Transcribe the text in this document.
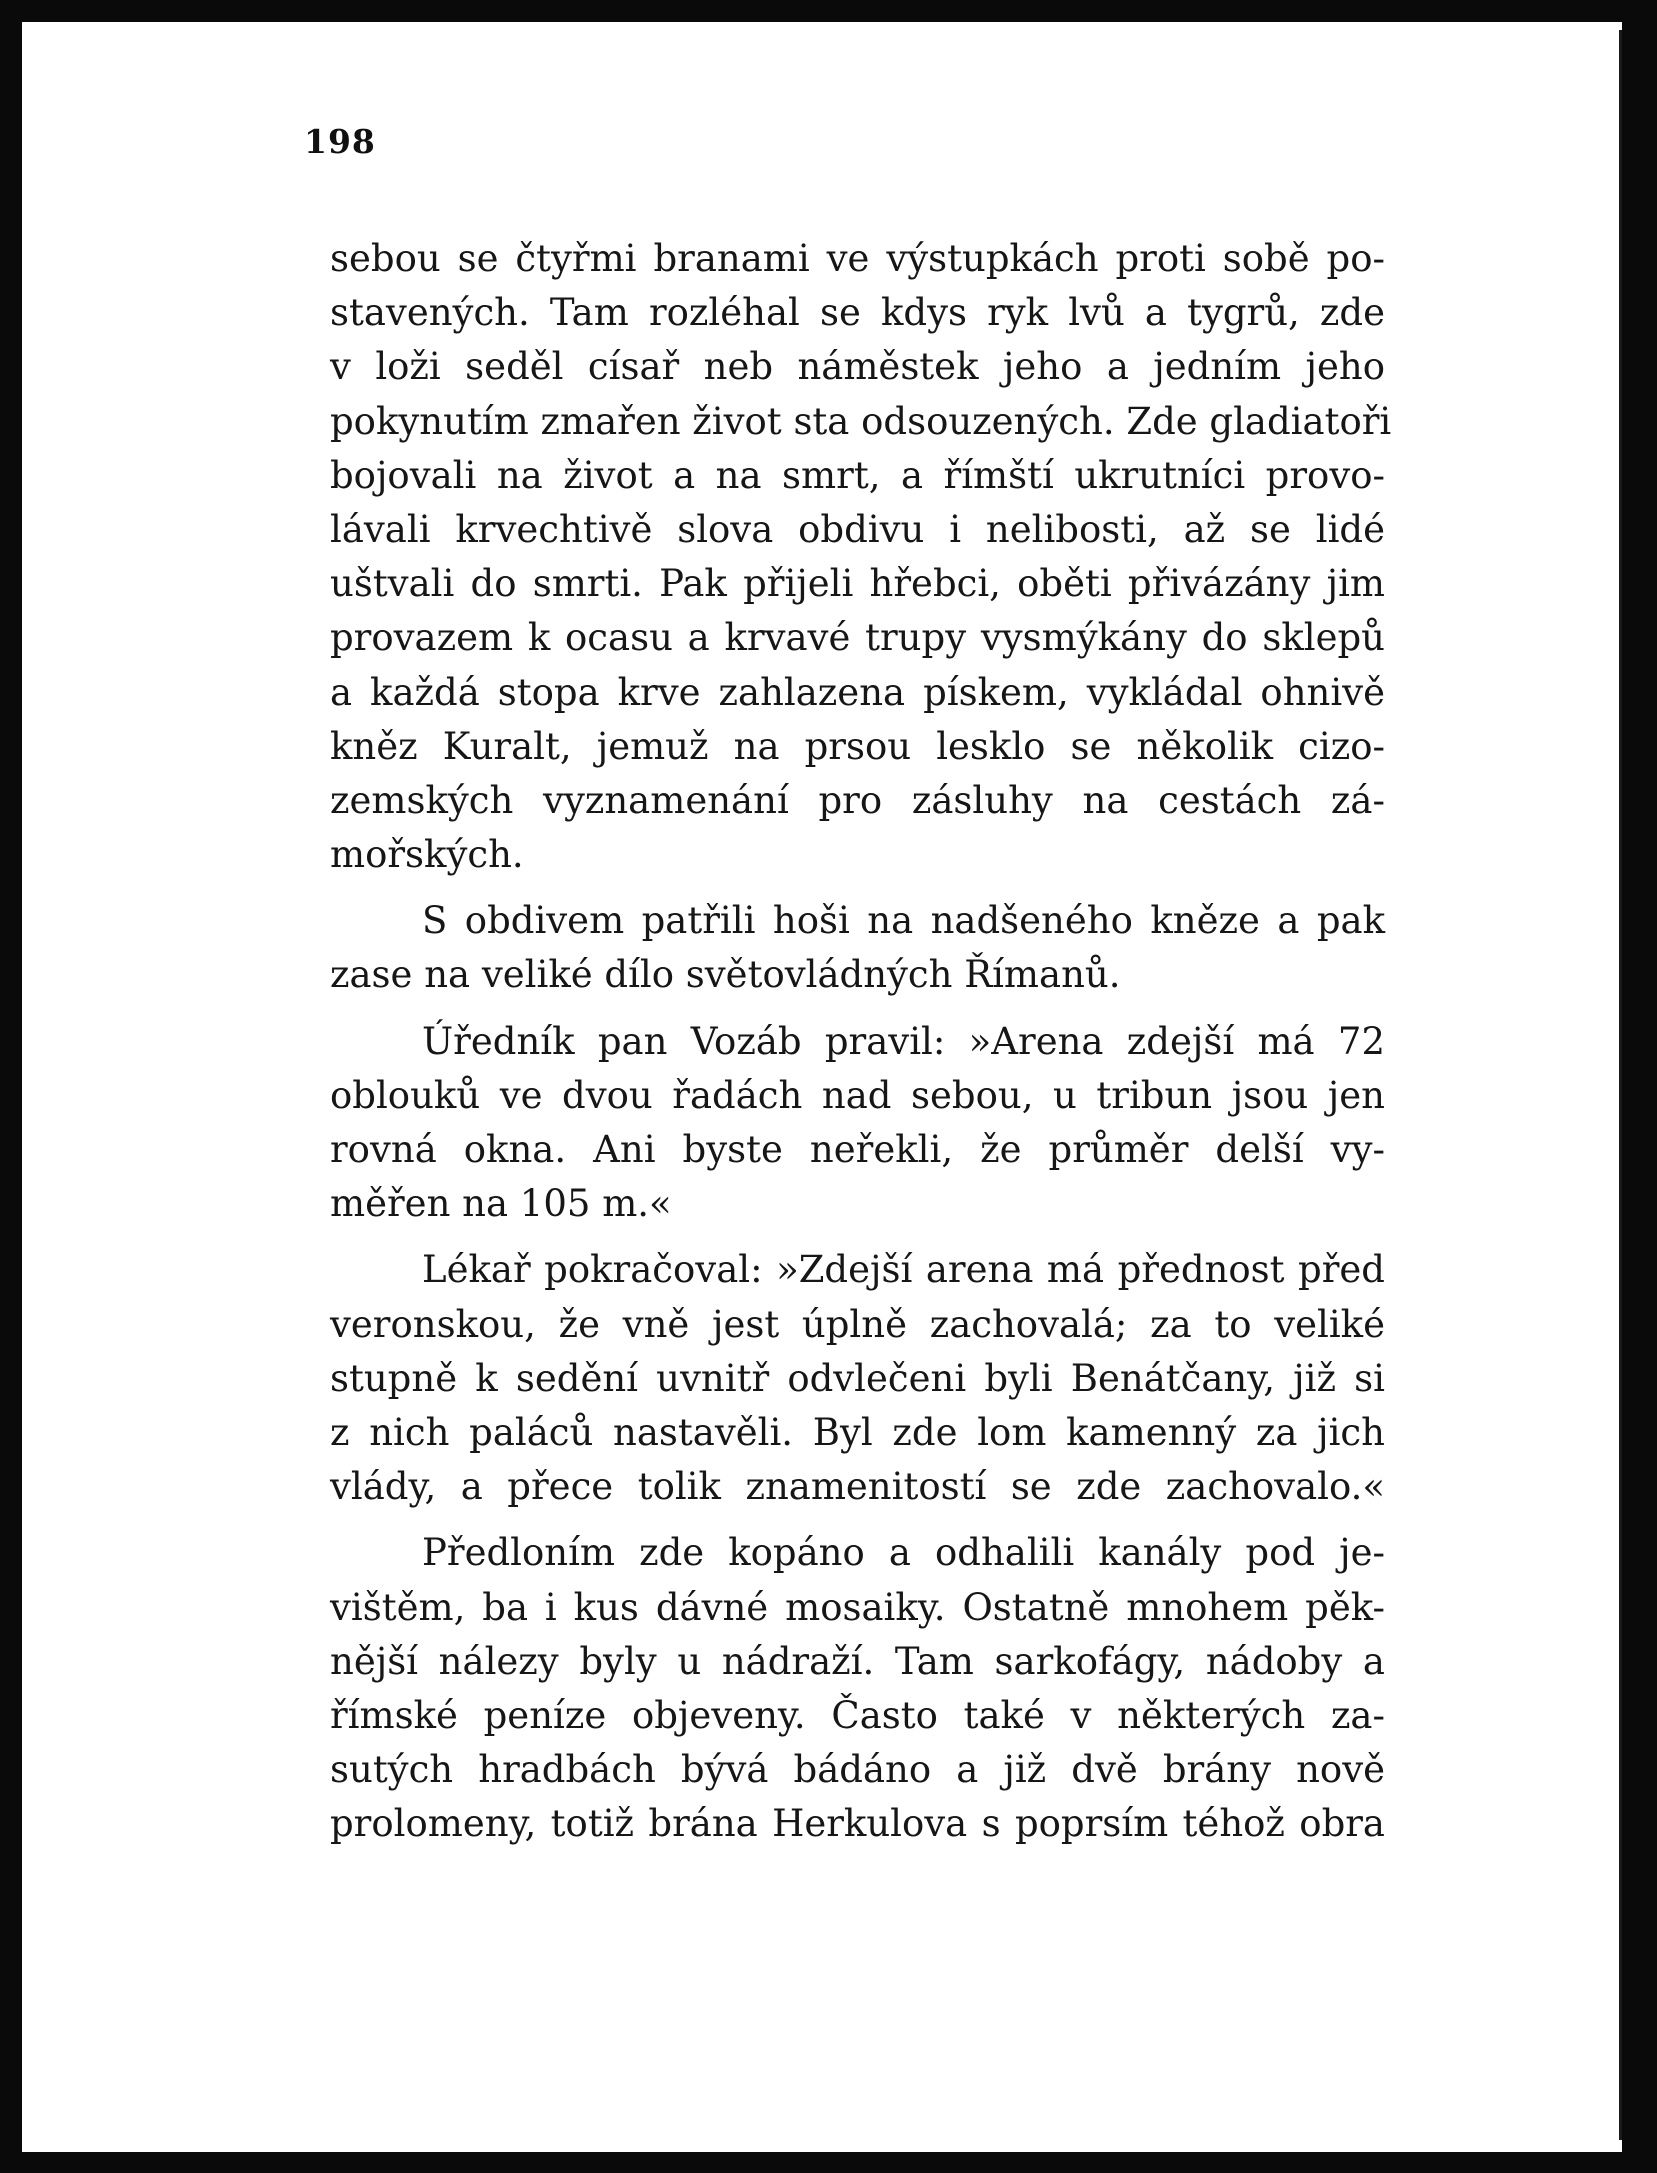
198

sebou se čtyřmi branami ve výstupkách proti sobě po-
stavených. Tam rozléhal se kdys ryk lvů a tygrů, zde
v loži seděl císař neb náměstek jeho a jedním jeho
pokynutím zmařen život sta odsouzených. Zde gladiatoři
bojovali na život a na smrt, a římští ukrutníci provo-
lávali krvechtivě slova obdivu i nelibosti, až se lidé
uštvali do smrti. Pak přijeli hřebci, oběti přivázány jim
provazem k ocasu a krvavé trupy vysmýkány do sklepů
a každá stopa krve zahlazena pískem, vykládal ohnivě
kněz Kuralt, jemuž na prsou lesklo se několik cizo-
zemských vyznamenání pro zásluhy na cestách zá-
mořských.

S obdivem patřili hoši na nadšeného kněze a pak
zase na veliké dílo světovládných Římanů.

Úředník pan Vozáb pravil: »Arena zdejší má 72
oblouků ve dvou řadách nad sebou, u tribun jsou jen
rovná okna. Ani byste neřekli, že průměr delší vy-
měřen na 105 m.«

Lékař pokračoval: »Zdejší arena má přednost před
veronskou, že vně jest úplně zachovalá; za to veliké
stupně k sedění uvnitř odvlečeni byli Benátčany, již si
z nich paláců nastavěli. Byl zde lom kamenný za jich
vlády, a přece tolik znamenitostí se zde zachovalo.«

Předloním zde kopáno a odhalili kanály pod je-
vištěm, ba i kus dávné mosaiky. Ostatně mnohem pěk-
nější nálezy byly u nádraží. Tam sarkofágy, nádoby a
římské peníze objeveny. Často také v některých za-
sutých hradbách bývá bádáno a již dvě brány nově
prolomeny, totiž brána Herkulova s poprsím téhož obra
